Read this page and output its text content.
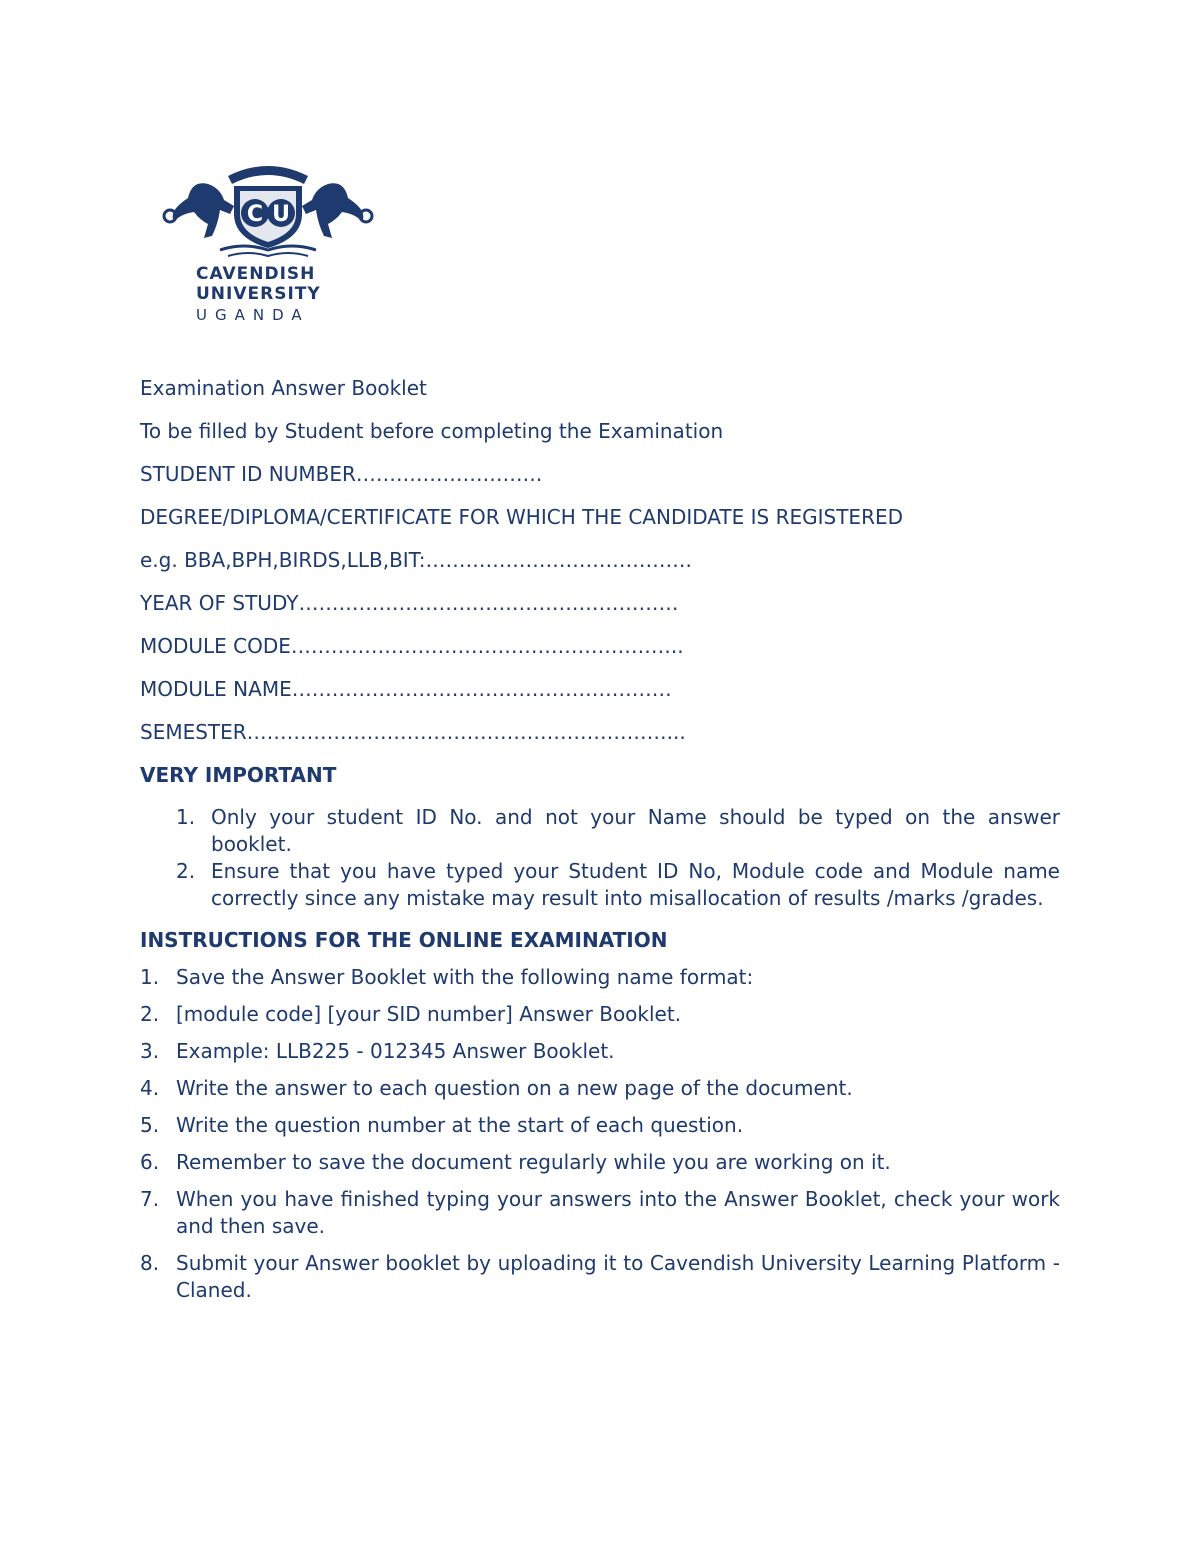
C U
CAVENDISH
UNIVERSITY
UGANDA
Examination Answer Booklet
To be filled by Student before completing the Examination
STUDENT ID NUMBER……………………….
DEGREE/DIPLOMA/CERTIFICATE FOR WHICH THE CANDIDATE IS REGISTERED
e.g. BBA,BPH,BIRDS,LLB,BIT:………………………………….
YEAR OF STUDY…………………………………………………
MODULE CODE…………………………………………………..
MODULE NAME…………………………………………………
SEMESTER………………………………………………………...
VERY IMPORTANT
1. Only your student ID No. and not your Name should be typed on the answer booklet.
2. Ensure that you have typed your Student ID No, Module code and Module name correctly since any mistake may result into misallocation of results /marks /grades.
INSTRUCTIONS FOR THE ONLINE EXAMINATION
1. Save the Answer Booklet with the following name format:
2. [module code] [your SID number] Answer Booklet.
3. Example: LLB225 - 012345 Answer Booklet.
4. Write the answer to each question on a new page of the document.
5. Write the question number at the start of each question.
6. Remember to save the document regularly while you are working on it.
7. When you have finished typing your answers into the Answer Booklet, check your work and then save.
8. Submit your Answer booklet by uploading it to Cavendish University Learning Platform -Claned.
